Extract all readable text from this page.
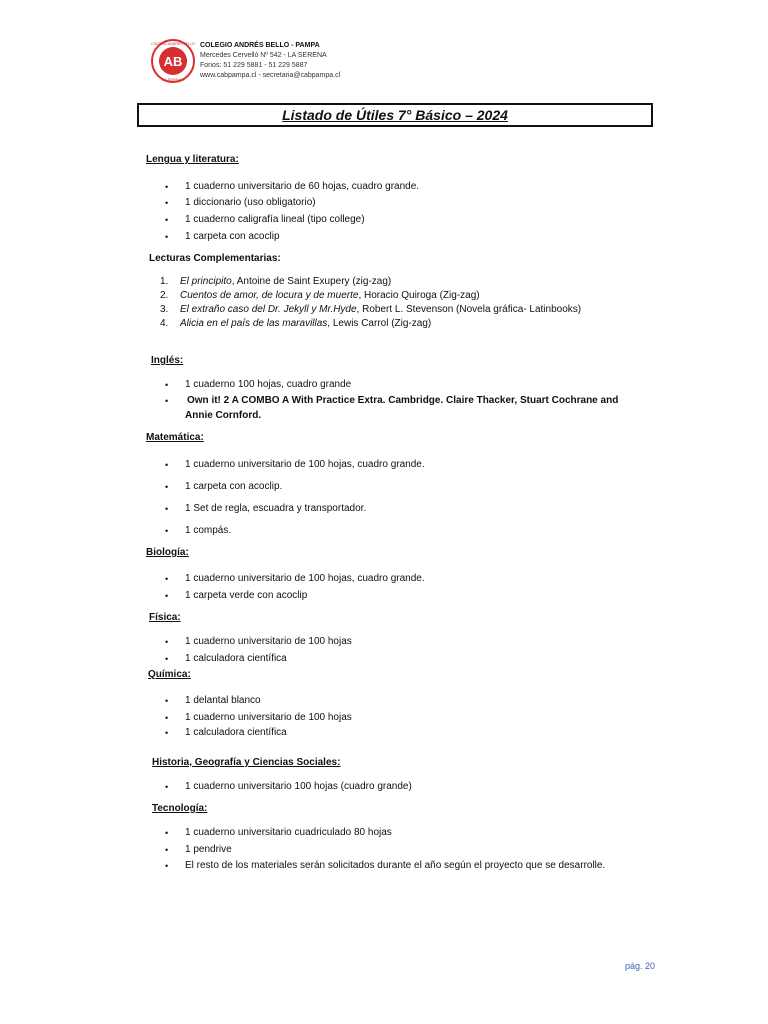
AB
LA SERENA
COLEGIO ANDRÉS BELLO COLEGIO ANDRÉS BELLO - PAMPA
Mercedes Cervelló Nº 542 - LA SERENA
Fonos: 51 229 5881 - 51 229 5887
www.cabpampa.cl - secretaria@cabpampa.cl
Listado de Útiles 7° Básico – 2024
Lengua y literatura:
• 1 cuaderno universitario de 60 hojas, cuadro grande.
• 1 diccionario (uso obligatorio)
• 1 cuaderno caligrafía lineal (tipo college)
• 1 carpeta con acoclip
Lecturas Complementarias:
1. El principito, Antoine de Saint Exupery (zig-zag)
2. Cuentos de amor, de locura y de muerte, Horacio Quiroga (Zig-zag)
3. El extraño caso del Dr. Jekyll y Mr.Hyde, Robert L. Stevenson (Novela gráfica- Latinbooks)
4. Alicia en el país de las maravillas, Lewis Carrol (Zig-zag)
Inglés:
• 1 cuaderno 100 hojas, cuadro grande
• Own it! 2 A COMBO A With Practice Extra. Cambridge. Claire Thacker, Stuart Cochrane and
Annie Cornford.
Matemática:
• 1 cuaderno universitario de 100 hojas, cuadro grande.
• 1 carpeta con acoclip.
• 1 Set de regla, escuadra y transportador.
• 1 compás.
Biología:
• 1 cuaderno universitario de 100 hojas, cuadro grande.
• 1 carpeta verde con acoclip
Física:
• 1 cuaderno universitario de 100 hojas
• 1 calculadora científica
Química:
• 1 delantal blanco
• 1 cuaderno universitario de 100 hojas
• 1 calculadora científica
Historia, Geografía y Ciencias Sociales:
• 1 cuaderno universitario 100 hojas (cuadro grande)
Tecnología:
• 1 cuaderno universitario cuadriculado 80 hojas
• 1 pendrive
• El resto de los materiales serán solicitados durante el año según el proyecto que se desarrolle.
pág. 20
